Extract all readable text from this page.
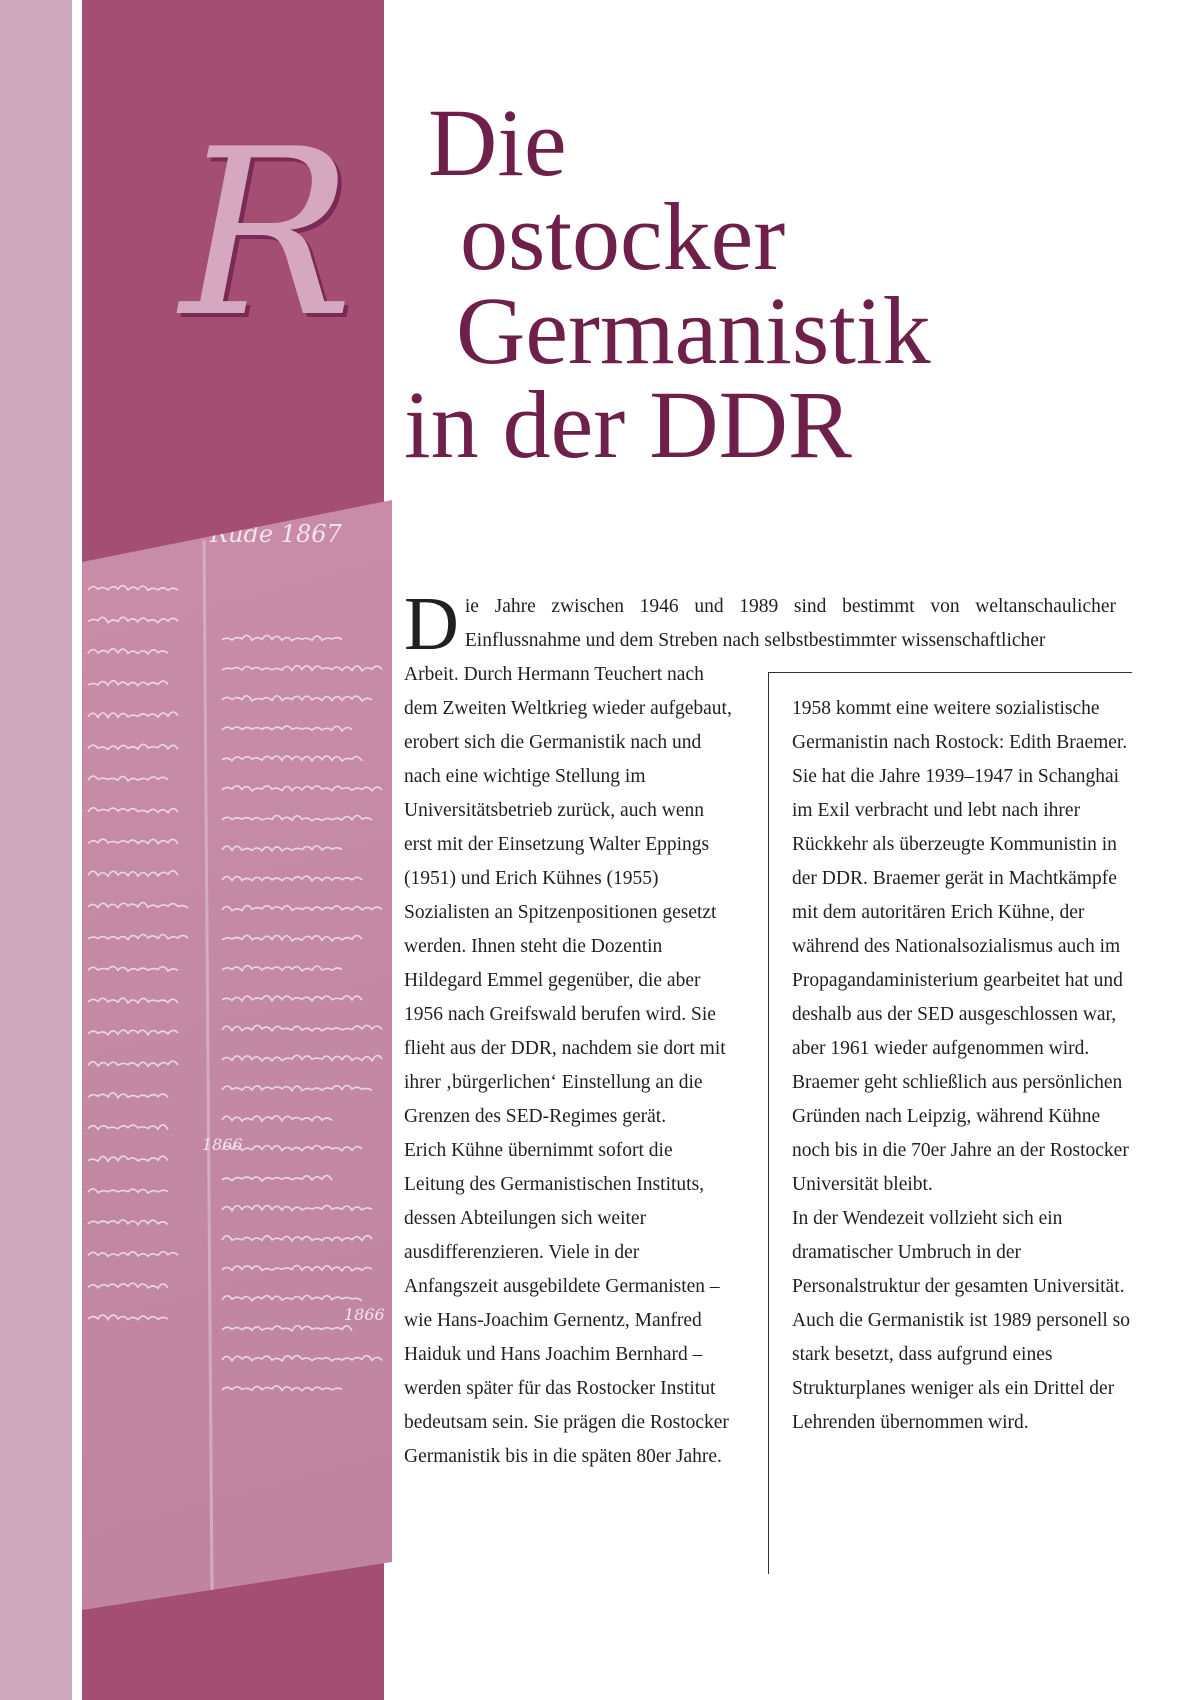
Rude 1867
1866
1866
R Die
ostocker
Germanistik
in der DDR
D ie Jahre zwischen 1946 und 1989 sind bestimmt von weltanschaulicher Einflussnahme und dem Streben nach selbstbestimmter wissenschaftlicher

Arbeit. Durch Hermann Teuchert nach dem Zweiten Weltkrieg wieder aufgebaut, erobert sich die Germanistik nach und nach eine wichtige Stellung im Universitätsbetrieb zurück, auch wenn erst mit der Einsetzung Walter Eppings (1951) und Erich Kühnes (1955) Sozialisten an Spitzenpositionen gesetzt werden. Ihnen steht die Dozentin Hildegard Emmel gegenüber, die aber 1956 nach Greifswald berufen wird. Sie flieht aus der DDR, nachdem sie dort mit ihrer ‚bürgerlichen‘ Einstellung an die Grenzen des SED-Regimes gerät.

Erich Kühne übernimmt sofort die Leitung des Germanistischen Instituts, dessen Abteilungen sich weiter ausdifferenzieren. Viele in der Anfangszeit ausgebildete Germanisten – wie Hans-Joachim Gernentz, Manfred Haiduk und Hans Joachim Bernhard – werden später für das Rostocker Institut bedeutsam sein. Sie prägen die Rostocker Germanistik bis in die späten 80er Jahre.

1958 kommt eine weitere sozialistische Germanistin nach Rostock: Edith Braemer. Sie hat die Jahre 1939–1947 in Schanghai im Exil verbracht und lebt nach ihrer Rückkehr als überzeugte Kommunistin in der DDR. Braemer gerät in Machtkämpfe mit dem autoritären Erich Kühne, der während des Nationalsozialismus auch im Propagandaministerium gearbeitet hat und deshalb aus der SED ausgeschlossen war, aber 1961 wieder aufgenommen wird. Braemer geht schließlich aus persönlichen Gründen nach Leipzig, während Kühne noch bis in die 70er Jahre an der Rostocker Universität bleibt.

In der Wendezeit vollzieht sich ein dramatischer Umbruch in der Personalstruktur der gesamten Universität. Auch die Germanistik ist 1989 personell so stark besetzt, dass aufgrund eines Strukturplanes weniger als ein Drittel der Lehrenden übernommen wird.
